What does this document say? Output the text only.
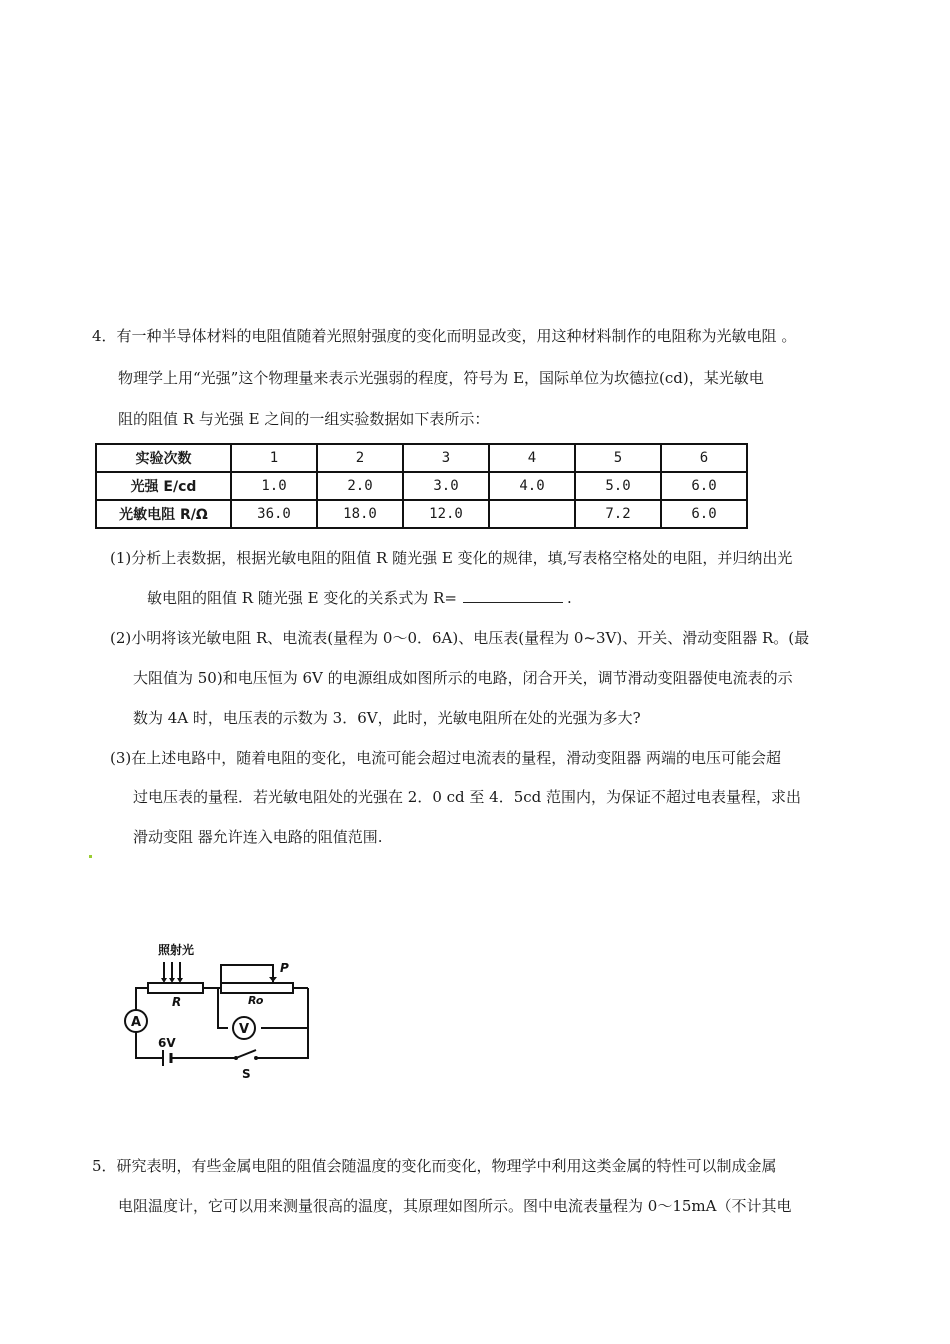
4．有一种半导体材料的电阻值随着光照射强度的变化而明显改变，用这种材料制作的电阻称为光敏电阻 。
物理学上用“光强”这个物理量来表示光强弱的程度，符号为 E，国际单位为坎德拉(cd)，某光敏电
阻的阻值 R 与光强 E 之间的一组实验数据如下表所示：
实验次数	1	2	3	4	5	6
光强 E/cd	1.0	2.0	3.0	4.0	5.0	6.0
光敏电阻 R/Ω	36.0	18.0	12.0		7.2	6.0
(1)分析上表数据，根据光敏电阻的阻值 R 随光强 E 变化的规律，填,写表格空格处的电阻，并归纳出光
敏电阻的阻值 R 随光强 E 变化的关系式为 R=	.
(2)小明将该光敏电阻 R、电流表(量程为 0～0．6A)、电压表(量程为 0~3V)、开关、滑动变阻器 R。(最
大阻值为 50)和电压恒为 6V 的电源组成如图所示的电路，闭合开关，调节滑动变阻器使电流表的示
数为 4A 时，电压表的示数为 3．6V，此时，光敏电阻所在处的光强为多大?
(3)在上述电路中，随着电阻的变化，电流可能会超过电流表的量程，滑动变阻器 两端的电压可能会超
过电压表的量程．若光敏电阻处的光强在 2．0 cd 至 4．5cd 范围内，为保证不超过电表量程，求出
滑动变阻 器允许连入电路的阻值范围.
照射光
R
P
Ro
A	V
6V
S
5．研究表明，有些金属电阻的阻值会随温度的变化而变化，物理学中利用这类金属的特性可以制成金属
电阻温度计，它可以用来测量很高的温度，其原理如图所示。图中电流表量程为 0～15mA（不计其电
